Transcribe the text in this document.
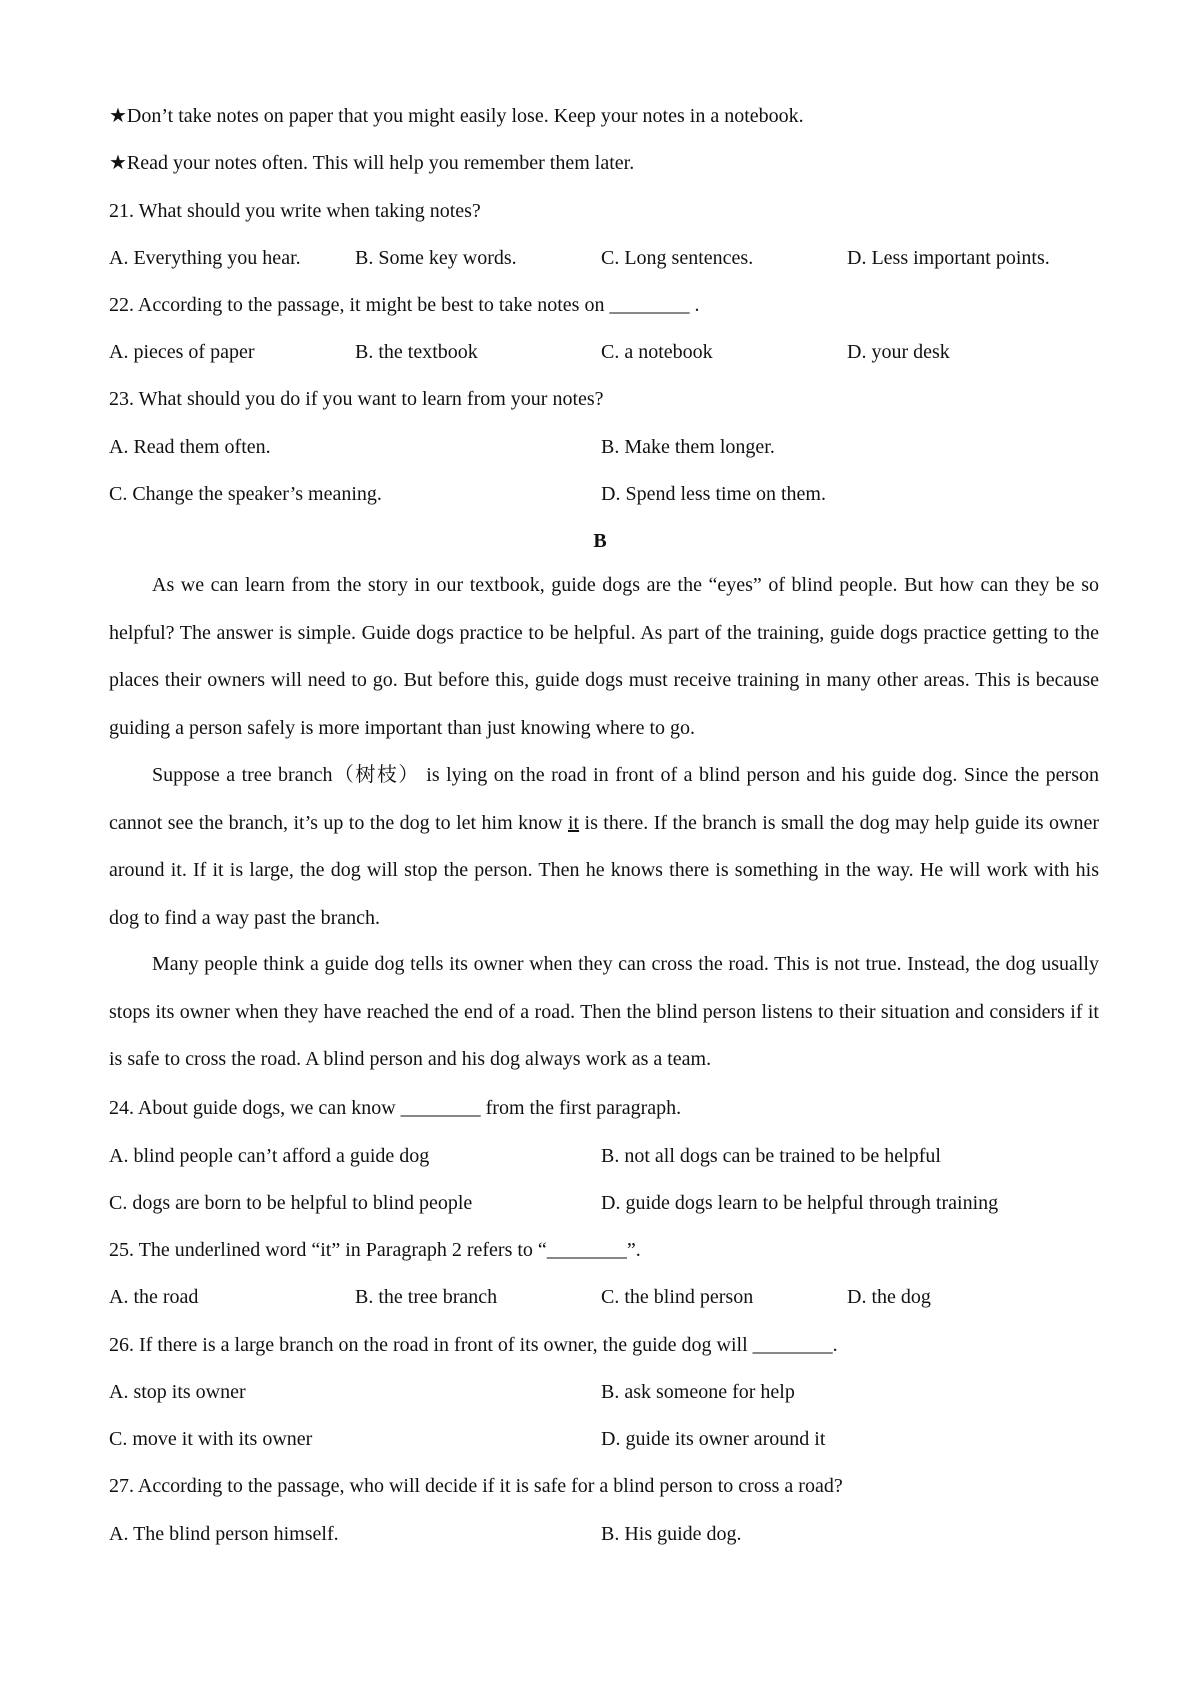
★Don’t take notes on paper that you might easily lose. Keep your notes in a notebook.
★Read your notes often. This will help you remember them later.
21. What should you write when taking notes?
A. Everything you hear.	B. Some key words.	C. Long sentences.	D. Less important points.
22. According to the passage, it might be best to take notes on ________ .
A. pieces of paper	B. the textbook	C. a notebook	D. your desk
23. What should you do if you want to learn from your notes?
A. Read them often.	B. Make them longer.
C. Change the speaker’s meaning.	D. Spend less time on them.
B

As we can learn from the story in our textbook, guide dogs are the “eyes” of blind people. But how can they be so helpful? The answer is simple. Guide dogs practice to be helpful. As part of the training, guide dogs practice getting to the places their owners will need to go. But before this, guide dogs must receive training in many other areas. This is because guiding a person safely is more important than just knowing where to go.

Suppose a tree branch（树枝） is lying on the road in front of a blind person and his guide dog. Since the person cannot see the branch, it’s up to the dog to let him know it is there. If the branch is small the dog may help guide its owner around it. If it is large, the dog will stop the person. Then he knows there is something in the way. He will work with his dog to find a way past the branch.

Many people think a guide dog tells its owner when they can cross the road. This is not true. Instead, the dog usually stops its owner when they have reached the end of a road. Then the blind person listens to their situation and considers if it is safe to cross the road. A blind person and his dog always work as a team.

24. About guide dogs, we can know ________ from the first paragraph.
A. blind people can’t afford a guide dog	B. not all dogs can be trained to be helpful
C. dogs are born to be helpful to blind people	D. guide dogs learn to be helpful through training
25. The underlined word “it” in Paragraph 2 refers to “________”.
A. the road	B. the tree branch	C. the blind person	D. the dog
26. If there is a large branch on the road in front of its owner, the guide dog will ________.
A. stop its owner	B. ask someone for help
C. move it with its owner	D. guide its owner around it
27. According to the passage, who will decide if it is safe for a blind person to cross a road?
A. The blind person himself.	B. His guide dog.
